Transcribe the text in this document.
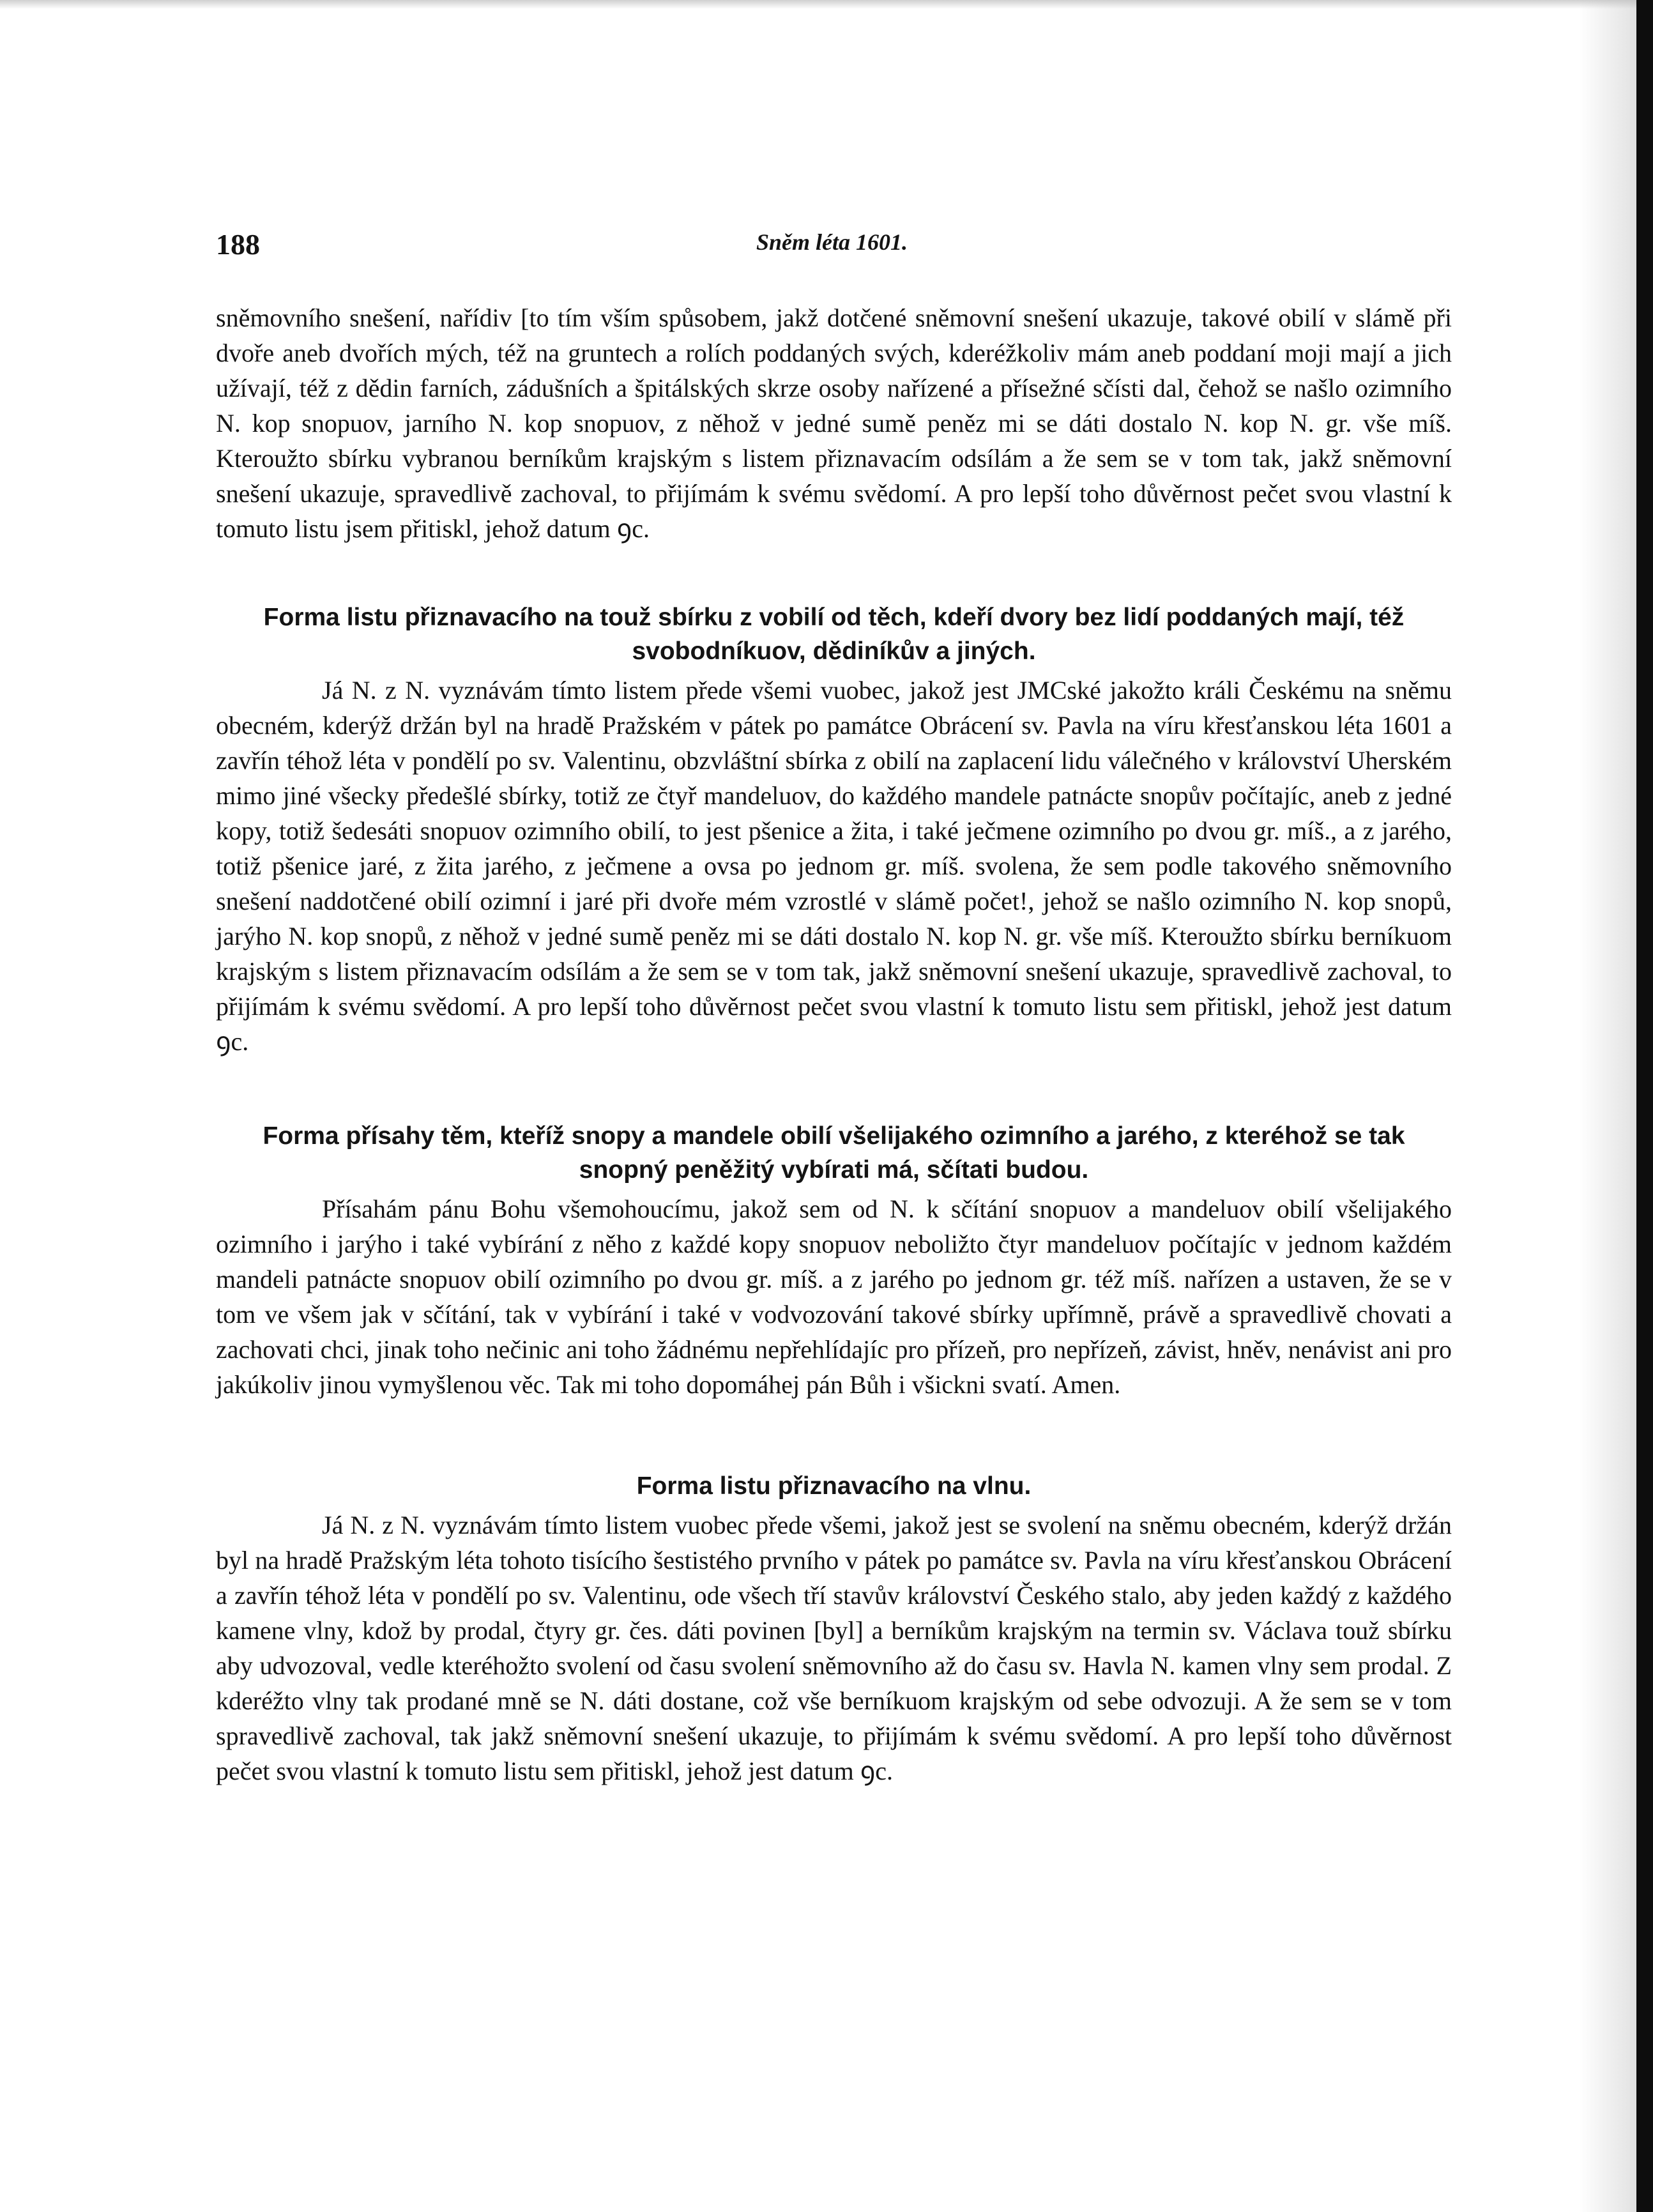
188	Sněm léta 1601.

sněmovního snešení, nařídiv [to tím vším spůsobem, jakž dotčené sněmovní snešení ukazuje, takové obilí v slámě při dvoře aneb dvořích mých, též na gruntech a rolích poddaných svých, kderéžkoliv mám aneb poddaní moji mají a jich užívají, též z dědin farních, zádušních a špitálských skrze osoby nařízené a přísežné sčísti dal, čehož se našlo ozimního N. kop snopuov, jarního N. kop snopuov, z něhož v jedné sumě peněz mi se dáti dostalo N. kop N. gr. vše míš. Kteroužto sbírku vybranou berníkům krajským s listem přiznavacím odsílám a že sem se v tom tak, jakž sněmovní snešení ukazuje, spravedlivě zachoval, to přijímám k svému svědomí. A pro lepší toho důvěrnost pečet svou vlastní k tomuto listu jsem přitiskl, jehož datum ꝯc.

Forma listu přiznavacího na touž sbírku z vobilí od těch, kdeří dvory bez lidí poddaných mají, též svobodníkuov, dědiníkův a jiných.

Já N. z N. vyznávám tímto listem přede všemi vuobec, jakož jest JMCské jakožto králi Českému na sněmu obecném, kderýž držán byl na hradě Pražském v pátek po památce Obrácení sv. Pavla na víru křesťanskou léta 1601 a zavřín téhož léta v pondělí po sv. Valentinu, obzvláštní sbírka z obilí na zaplacení lidu válečného v království Uherském mimo jiné všecky předešlé sbírky, totiž ze čtyř mandeluov, do každého mandele patnácte snopův počítajíc, aneb z jedné kopy, totiž šedesáti snopuov ozimního obilí, to jest pšenice a žita, i také ječmene ozimního po dvou gr. míš., a z jarého, totiž pšenice jaré, z žita jarého, z ječmene a ovsa po jednom gr. míš. svolena, že sem podle takového sněmovního snešení naddotčené obilí ozimní i jaré při dvoře mém vzrostlé v slámě počet!, jehož se našlo ozimního N. kop snopů, jarýho N. kop snopů, z něhož v jedné sumě peněz mi se dáti dostalo N. kop N. gr. vše míš. Kteroužto sbírku berníkuom krajským s listem přiznavacím odsílám a že sem se v tom tak, jakž sněmovní snešení ukazuje, spravedlivě zachoval, to přijímám k svému svědomí. A pro lepší toho důvěrnost pečet svou vlastní k tomuto listu sem přitiskl, jehož jest datum ꝯc.

Forma přísahy těm, kteříž snopy a mandele obilí všelijakého ozimního a jarého, z kteréhož se tak snopný peněžitý vybírati má, sčítati budou.

Přísahám pánu Bohu všemohoucímu, jakož sem od N. k sčítání snopuov a mandeluov obilí všelijakého ozimního i jarýho i také vybírání z něho z každé kopy snopuov neboližto čtyr mandeluov počítajíc v jednom každém mandeli patnácte snopuov obilí ozimního po dvou gr. míš. a z jarého po jednom gr. též míš. nařízen a ustaven, že se v tom ve všem jak v sčítání, tak v vybírání i také v vodvozování takové sbírky upřímně, právě a spravedlivě chovati a zachovati chci, jinak toho nečinic ani toho žádnému nepřehlídajíc pro přízeň, pro nepřízeň, závist, hněv, nenávist ani pro jakúkoliv jinou vymyšlenou věc. Tak mi toho dopomáhej pán Bůh i všickni svatí. Amen.

Forma listu přiznavacího na vlnu.

Já N. z N. vyznávám tímto listem vuobec přede všemi, jakož jest se svolení na sněmu obecném, kderýž držán byl na hradě Pražským léta tohoto tisícího šestistého prvního v pátek po památce sv. Pavla na víru křesťanskou Obrácení a zavřín téhož léta v pondělí po sv. Valentinu, ode všech tří stavův království Českého stalo, aby jeden každý z každého kamene vlny, kdož by prodal, čtyry gr. čes. dáti povinen [byl] a berníkům krajským na termin sv. Václava touž sbírku aby udvozoval, vedle kteréhožto svolení od času svolení sněmovního až do času sv. Havla N. kamen vlny sem prodal. Z kderéžto vlny tak prodané mně se N. dáti dostane, což vše berníkuom krajským od sebe odvozuji. A že sem se v tom spravedlivě zachoval, tak jakž sněmovní snešení ukazuje, to přijímám k svému svědomí. A pro lepší toho důvěrnost pečet svou vlastní k tomuto listu sem přitiskl, jehož jest datum ꝯc.
